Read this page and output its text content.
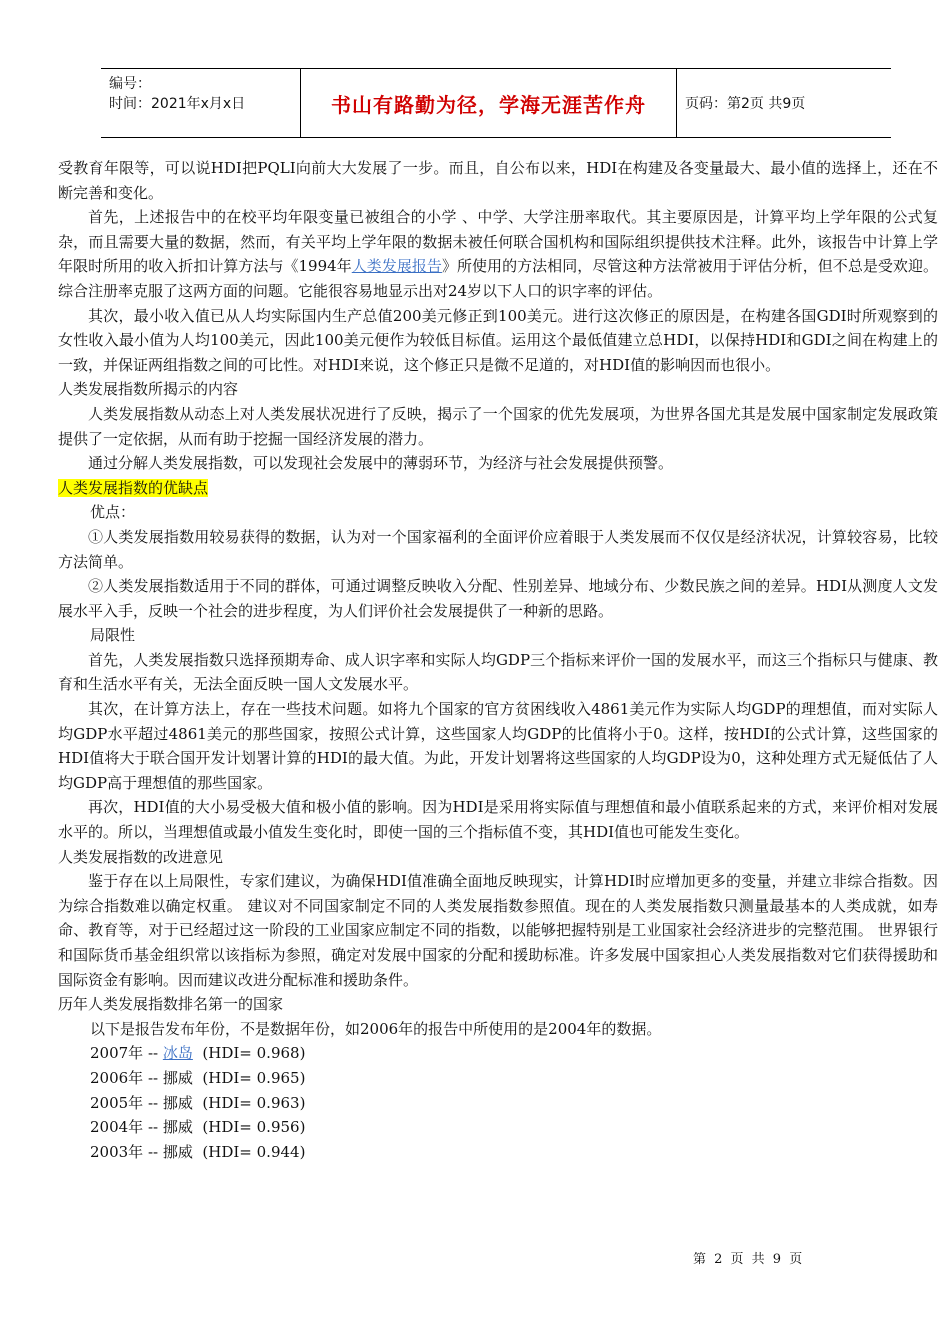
编号：
时间：2021年x月x日	书山有路勤为径，学海无涯苦作舟	页码：第2页 共9页

受教育年限等，可以说HDI把PQLI向前大大发展了一步。而且，自公布以来，HDI在构建及各变量最大、最小值的选择上，还在不断完善和变化。

首先，上述报告中的在校平均年限变量已被组合的小学 、中学、大学注册率取代。其主要原因是，计算平均上学年限的公式复杂，而且需要大量的数据，然而，有关平均上学年限的数据未被任何联合国机构和国际组织提供技术注释。此外，该报告中计算上学年限时所用的收入折扣计算方法与《1994年人类发展报告》所使用的方法相同，尽管这种方法常被用于评估分析，但不总是受欢迎。综合注册率克服了这两方面的问题。它能很容易地显示出对24岁以下人口的识字率的评估。

其次，最小收入值已从人均实际国内生产总值200美元修正到100美元。进行这次修正的原因是，在构建各国GDI时所观察到的女性收入最小值为人均100美元，因此100美元便作为较低目标值。运用这个最低值建立总HDI，以保持HDI和GDI之间在构建上的一致，并保证两组指数之间的可比性。对HDI来说，这个修正只是微不足道的，对HDI值的影响因而也很小。

人类发展指数所揭示的内容

人类发展指数从动态上对人类发展状况进行了反映，揭示了一个国家的优先发展项，为世界各国尤其是发展中国家制定发展政策提供了一定依据，从而有助于挖掘一国经济发展的潜力。

通过分解人类发展指数，可以发现社会发展中的薄弱环节，为经济与社会发展提供预警。

人类发展指数的优缺点

优点：

①人类发展指数用较易获得的数据，认为对一个国家福利的全面评价应着眼于人类发展而不仅仅是经济状况，计算较容易，比较方法简单。

②人类发展指数适用于不同的群体，可通过调整反映收入分配、性别差异、地域分布、少数民族之间的差异。HDI从测度人文发展水平入手，反映一个社会的进步程度，为人们评价社会发展提供了一种新的思路。

局限性

首先，人类发展指数只选择预期寿命、成人识字率和实际人均GDP三个指标来评价一国的发展水平，而这三个指标只与健康、教育和生活水平有关，无法全面反映一国人文发展水平。

其次，在计算方法上，存在一些技术问题。如将九个国家的官方贫困线收入4861美元作为实际人均GDP的理想值，而对实际人均GDP水平超过4861美元的那些国家，按照公式计算，这些国家人均GDP的比值将小于0。这样，按HDI的公式计算，这些国家的HDI值将大于联合国开发计划署计算的HDI的最大值。为此，开发计划署将这些国家的人均GDP设为0，这种处理方式无疑低估了人均GDP高于理想值的那些国家。

再次，HDI值的大小易受极大值和极小值的影响。因为HDI是采用将实际值与理想值和最小值联系起来的方式，来评价相对发展水平的。所以，当理想值或最小值发生变化时，即使一国的三个指标值不变，其HDI值也可能发生变化。

人类发展指数的改进意见

鉴于存在以上局限性，专家们建议，为确保HDI值准确全面地反映现实，计算HDI时应增加更多的变量，并建立非综合指数。因为综合指数难以确定权重。 建议对不同国家制定不同的人类发展指数参照值。现在的人类发展指数只测量最基本的人类成就，如寿命、教育等，对于已经超过这一阶段的工业国家应制定不同的指数，以能够把握特别是工业国家社会经济进步的完整范围。 世界银行和国际货币基金组织常以该指标为参照，确定对发展中国家的分配和援助标准。许多发展中国家担心人类发展指数对它们获得援助和国际资金有影响。因而建议改进分配标准和援助条件。

历年人类发展指数排名第一的国家

以下是报告发布年份，不是数据年份，如2006年的报告中所使用的是2004年的数据。

2007年 -- 冰岛  (HDI= 0.968)

2006年 -- 挪威  (HDI= 0.965)

2005年 -- 挪威  (HDI= 0.963)

2004年 -- 挪威  (HDI= 0.956)

2003年 -- 挪威  (HDI= 0.944)

第 2 页 共 9 页
